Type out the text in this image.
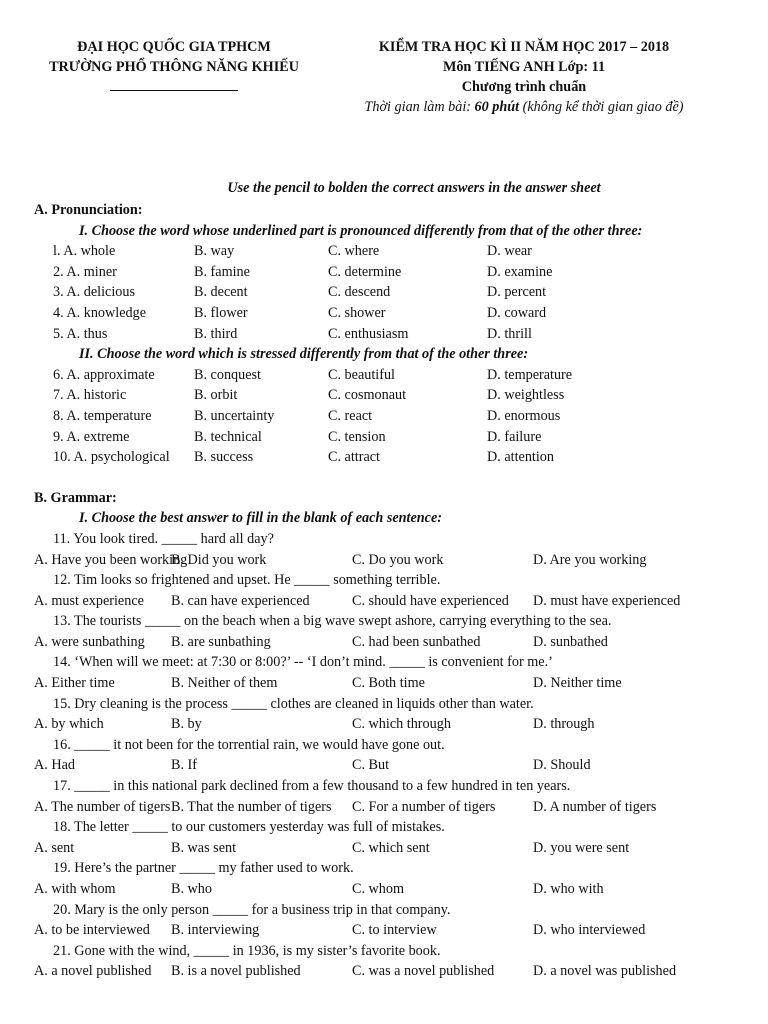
ĐẠI HỌC QUỐC GIA TPHCM
TRƯỜNG PHỔ THÔNG NĂNG KHIẾU
KIỂM TRA HỌC KÌ II NĂM HỌC 2017 – 2018
Môn TIẾNG ANH Lớp: 11
Chương trình chuẩn
Thời gian làm bài: 60 phút (không kể thời gian giao đề)
Use the pencil to bolden the correct answers in the answer sheet
A. Pronunciation:
I. Choose the word whose underlined part is pronounced differently from that of the other three:
l. A. whole	B. way	C. where	D. wear
2. A. miner	B. famine	C. determine	D. examine
3. A. delicious	B. decent	C. descend	D. percent
4. A. knowledge	B. flower	C. shower	D. coward
5. A. thus	B. third	C. enthusiasm	D. thrill
II. Choose the word which is stressed differently from that of the other three:
6. A. approximate	B. conquest	C. beautiful	D. temperature
7. A. historic	B. orbit	C. cosmonaut	D. weightless
8. A. temperature	B. uncertainty	C. react	D. enormous
9. A. extreme	B. technical	C. tension	D. failure
10. A. psychological B. success	C. attract	D. attention
B. Grammar:
I. Choose the best answer to fill in the blank of each sentence:
11. You look tired. _____ hard all day?
A. Have you been working
B. Did you work	C. Do you work	D. Are you working
12. Tim looks so frightened and upset. He _____ something terrible.
A. must experience B. can have experienced	C. should have experienced D. must have experienced
13. The tourists _____ on the beach when a big wave swept ashore, carrying everything to the sea.
A. were sunbathing B. are sunbathing	C. had been sunbathed	D. sunbathed
14. ‘When will we meet: at 7:30 or 8:00?’ -- ‘I don’t mind. _____ is convenient for me.’
A. Either time	B. Neither of them	C. Both time	D. Neither time
15. Dry cleaning is the process _____ clothes are cleaned in liquids other than water.
A. by which	B. by	C. which through	D. through
16. _____ it not been for the torrential rain, we would have gone out.
A. Had	B. If	C. But	D. Should
17. _____ in this national park declined from a few thousand to a few hundred in ten years.
A. The number of tigers B. That the number of tigers C. For a number of tigers	D. A number of tigers
18. The letter _____ to our customers yesterday was full of mistakes.
A. sent	B. was sent	C. which sent	D. you were sent
19. Here’s the partner _____ my father used to work.
A. with whom	B. who	C. whom	D. who with
20. Mary is the only person _____ for a business trip in that company.
A. to be interviewed B. interviewing	C. to interview	D. who interviewed
21. Gone with the wind, _____ in 1936, is my sister’s favorite book.
A. a novel published B. is a novel published	C. was a novel published	D. a novel was published
